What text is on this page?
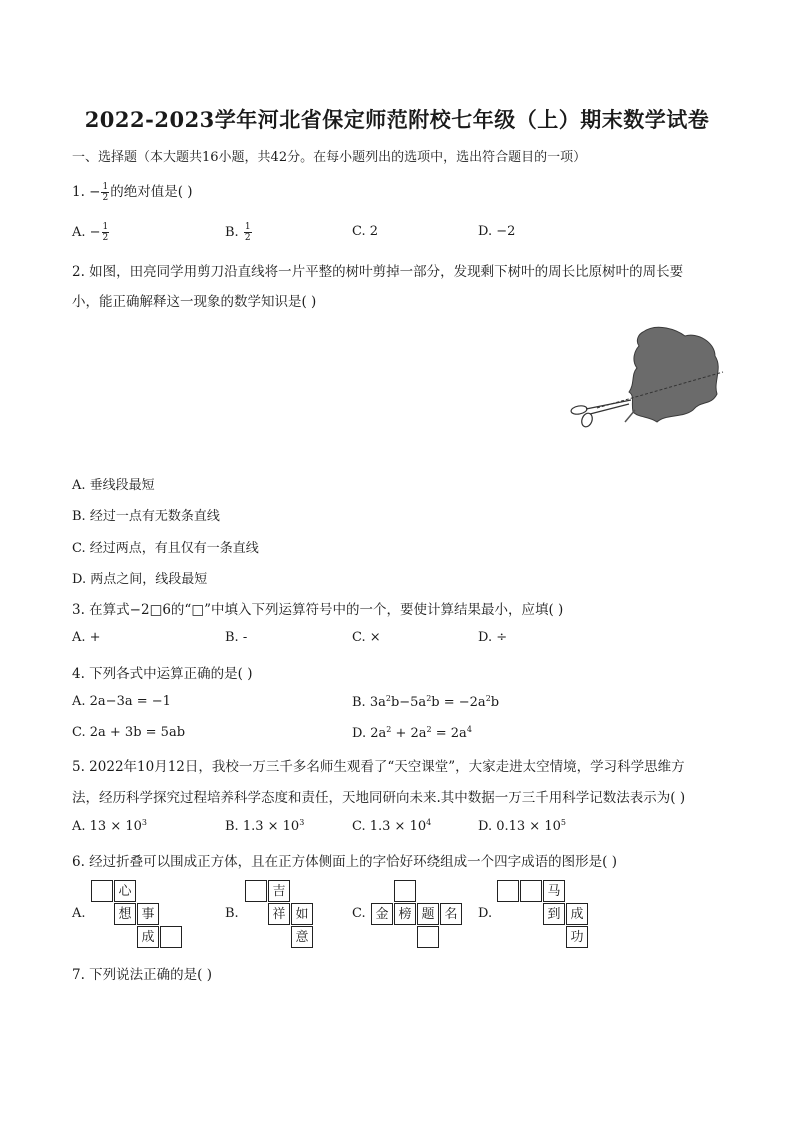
2022-2023学年河北省保定师范附校七年级（上）期末数学试卷
一、选择题（本大题共16小题，共42分。在每小题列出的选项中，选出符合题目的一项）
1. − $\frac{1}{2}$ 的绝对值是( )
A. − $\frac{1}{2}$	B. $\frac{1}{2}$	C. 2	D. −2
2. 如图，田亮同学用剪刀沿直线将一片平整的树叶剪掉一部分，发现剩下树叶的周长比原树叶的周长要
小，能正确解释这一现象的数学知识是( )
A. 垂线段最短
B. 经过一点有无数条直线
C. 经过两点，有且仅有一条直线
D. 两点之间，线段最短
3. 在算式−2□6的“□”中填入下列运算符号中的一个，要使计算结果最小，应填( )
A. +	B. -	C. ×	D. ÷
4. 下列各式中运算正确的是( )
A. 2a−3a = −1	B. $3a^2b-5a^2b = -2a^2b$
C. 2a + 3b = 5ab	D. $2a^2 + 2a^2 = 2a^4$
5. 2022年10月12日，我校一万三千多名师生观看了“天空课堂”，大家走进太空情境，学习科学思维方
法，经历科学探究过程培养科学态度和责任，天地同研向未来.其中数据一万三千用科学记数法表示为( )
A. $13 \times 10^3$	B. $1.3 \times 10^3$	C. $1.3 \times 10^4$	D. $0.13 \times 10^5$
6. 经过折叠可以围成正方体，且在正方体侧面上的字恰好环绕组成一个四字成语的图形是( )
A.
心
想 事
成
B.
吉
祥 如
意
C. 金 榜 题 名	D.
马
到 成
功
7. 下列说法正确的是( )
